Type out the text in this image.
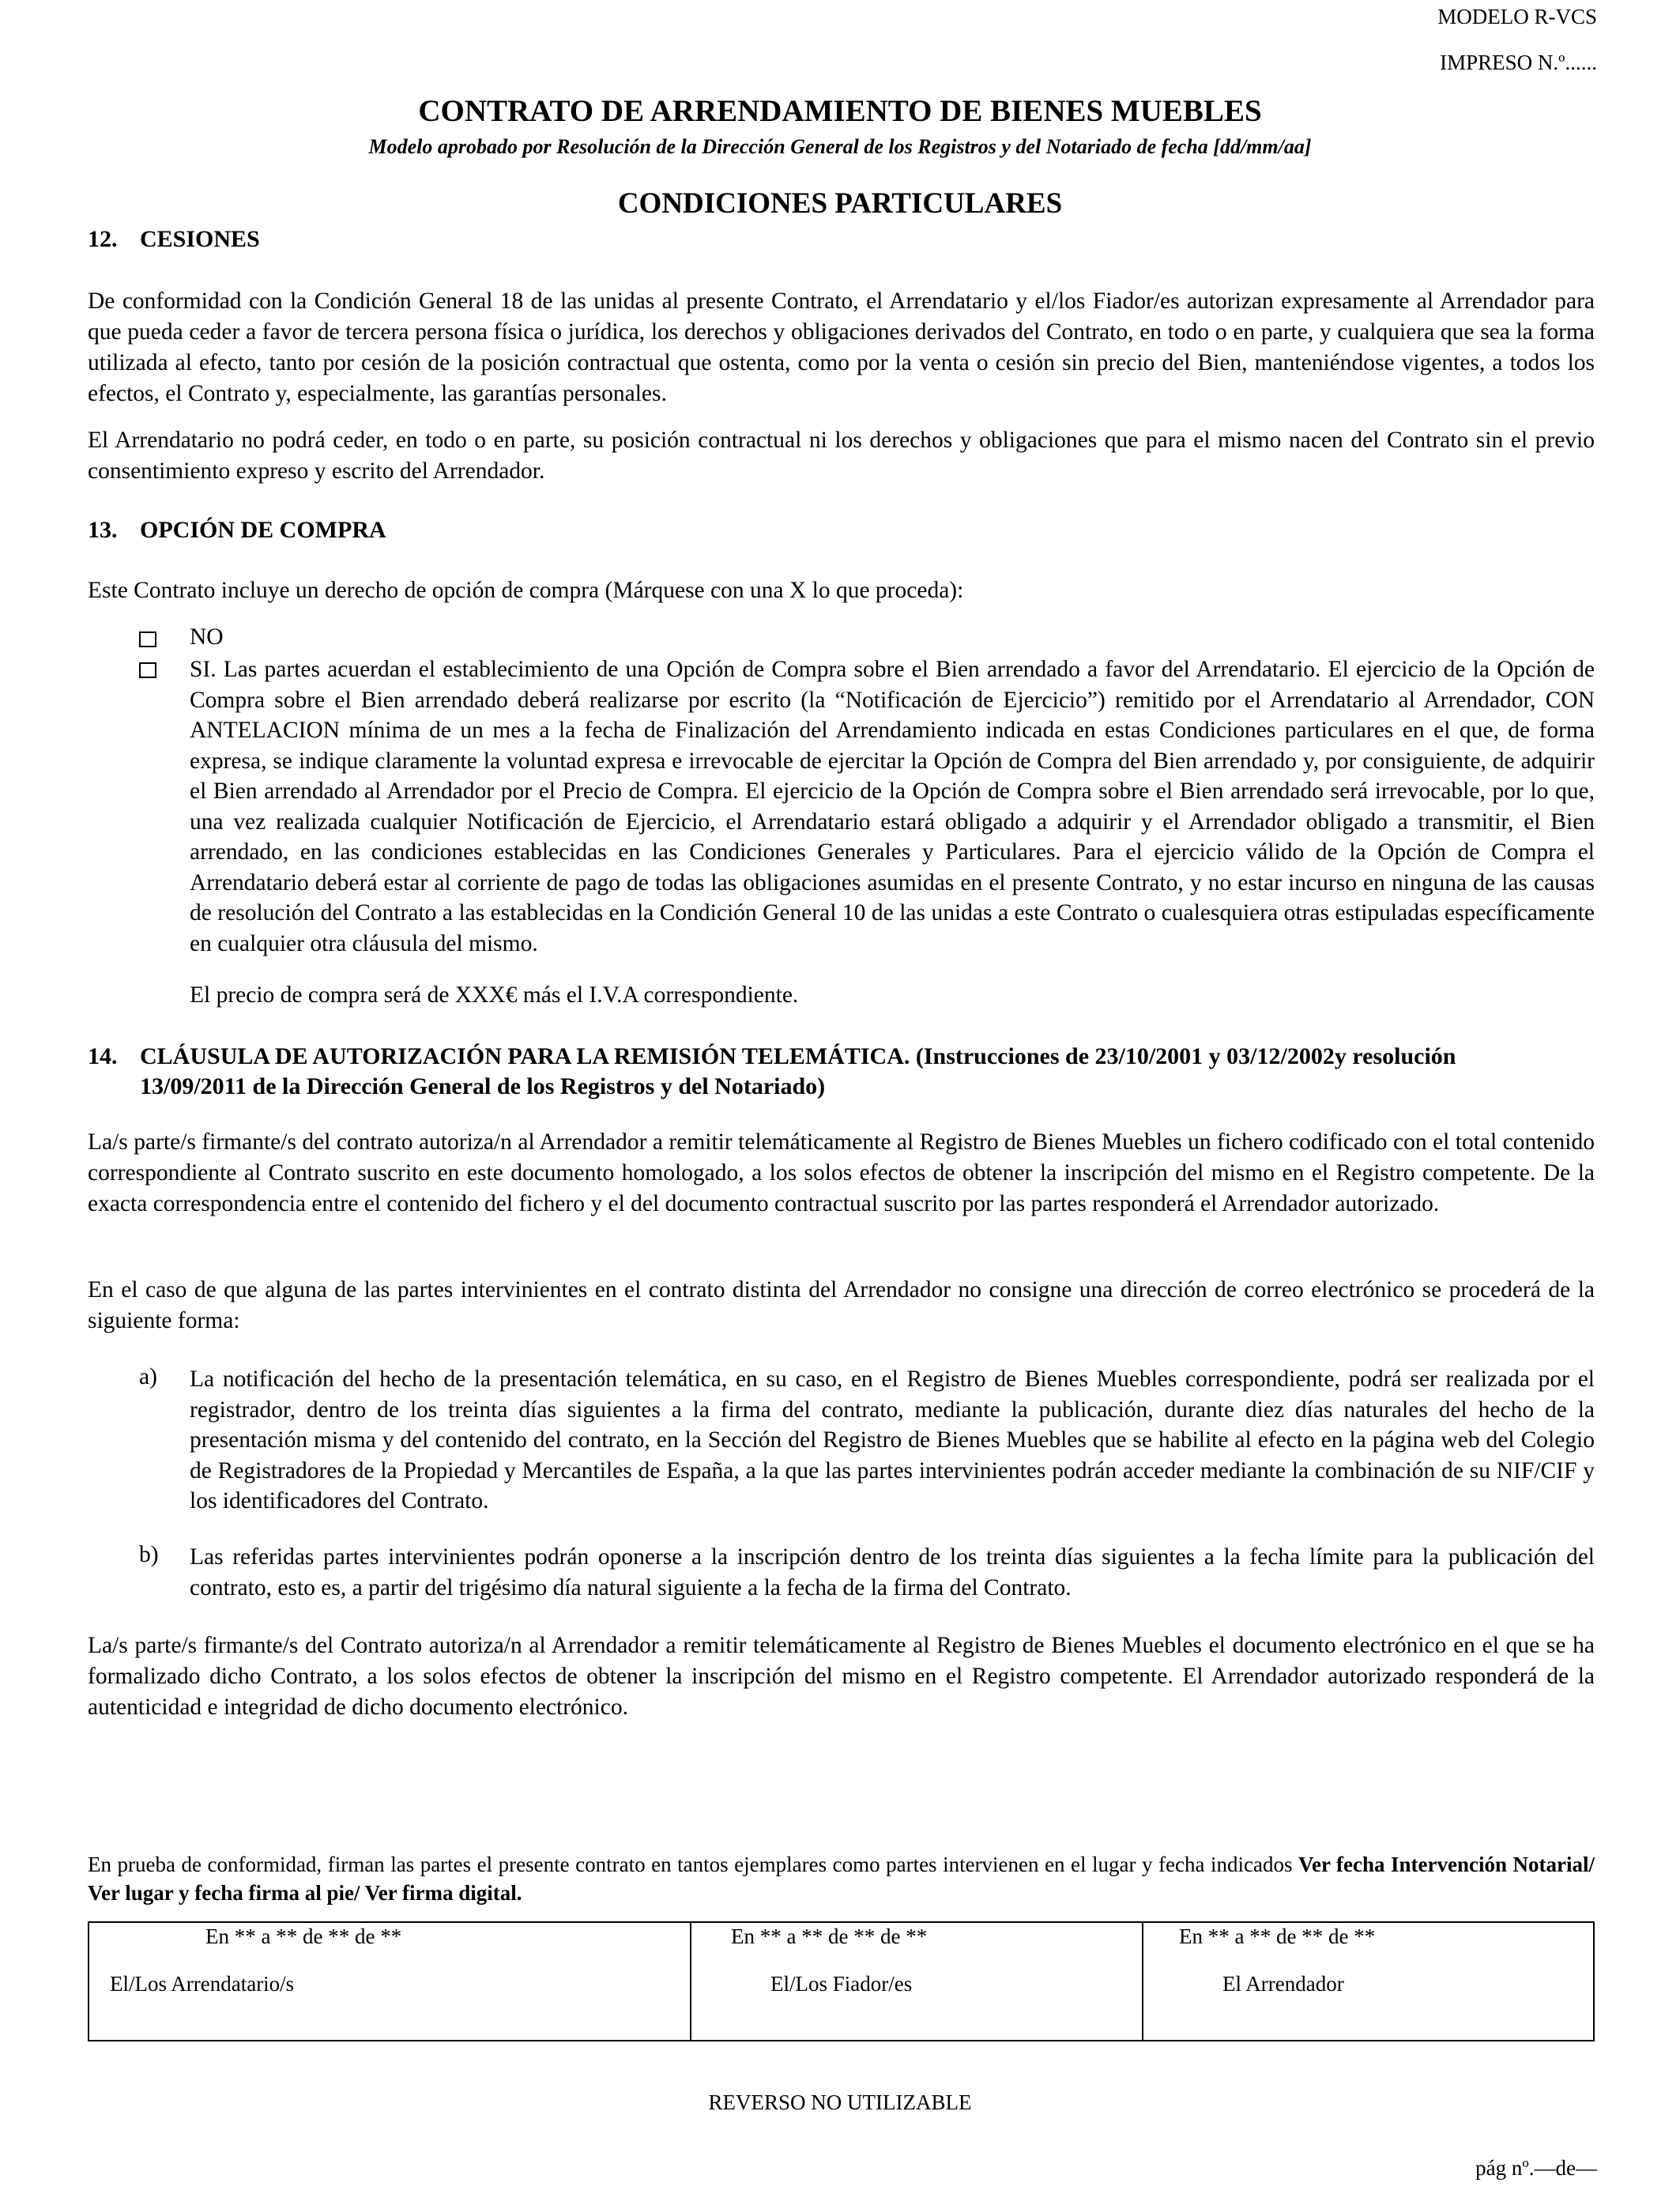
MODELO R-VCS
IMPRESO N.º......
CONTRATO DE ARRENDAMIENTO DE BIENES MUEBLES
Modelo aprobado por Resolución de la Dirección General de los Registros y del Notariado de fecha [dd/mm/aa]
CONDICIONES PARTICULARES
12. CESIONES
De conformidad con la Condición General 18 de las unidas al presente Contrato, el Arrendatario y el/los Fiador/es autorizan expresamente al Arrendador para que pueda ceder a favor de tercera persona física o jurídica, los derechos y obligaciones derivados del Contrato, en todo o en parte, y cualquiera que sea la forma utilizada al efecto, tanto por cesión de la posición contractual que ostenta, como por la venta o cesión sin precio del Bien, manteniéndose vigentes, a todos los efectos, el Contrato y, especialmente, las garantías personales.
El Arrendatario no podrá ceder, en todo o en parte, su posición contractual ni los derechos y obligaciones que para el mismo nacen del Contrato sin el previo consentimiento expreso y escrito del Arrendador.
13. OPCIÓN DE COMPRA
Este Contrato incluye un derecho de opción de compra (Márquese con una X lo que proceda):
NO
SI. Las partes acuerdan el establecimiento de una Opción de Compra sobre el Bien arrendado a favor del Arrendatario. El ejercicio de la Opción de Compra sobre el Bien arrendado deberá realizarse por escrito (la “Notificación de Ejercicio”) remitido por el Arrendatario al Arrendador, CON ANTELACION mínima de un mes a la fecha de Finalización del Arrendamiento indicada en estas Condiciones particulares en el que, de forma expresa, se indique claramente la voluntad expresa e irrevocable de ejercitar la Opción de Compra del Bien arrendado y, por consiguiente, de adquirir el Bien arrendado al Arrendador por el Precio de Compra. El ejercicio de la Opción de Compra sobre el Bien arrendado será irrevocable, por lo que, una vez realizada cualquier Notificación de Ejercicio, el Arrendatario estará obligado a adquirir y el Arrendador obligado a transmitir, el Bien arrendado, en las condiciones establecidas en las Condiciones Generales y Particulares. Para el ejercicio válido de la Opción de Compra el Arrendatario deberá estar al corriente de pago de todas las obligaciones asumidas en el presente Contrato, y no estar incurso en ninguna de las causas de resolución del Contrato a las establecidas en la Condición General 10 de las unidas a este Contrato o cualesquiera otras estipuladas específicamente en cualquier otra cláusula del mismo.
El precio de compra será de XXX€ más el I.V.A correspondiente.
14. CLÁUSULA DE AUTORIZACIÓN PARA LA REMISIÓN TELEMÁTICA. (Instrucciones de 23/10/2001 y 03/12/2002y resolución
13/09/2011 de la Dirección General de los Registros y del Notariado)
La/s parte/s firmante/s del contrato autoriza/n al Arrendador a remitir telemáticamente al Registro de Bienes Muebles un fichero codificado con el total contenido correspondiente al Contrato suscrito en este documento homologado, a los solos efectos de obtener la inscripción del mismo en el Registro competente. De la exacta correspondencia entre el contenido del fichero y el del documento contractual suscrito por las partes responderá el Arrendador autorizado.
En el caso de que alguna de las partes intervinientes en el contrato distinta del Arrendador no consigne una dirección de correo electrónico se procederá de la siguiente forma:
a) La notificación del hecho de la presentación telemática, en su caso, en el Registro de Bienes Muebles correspondiente, podrá ser realizada por el registrador, dentro de los treinta días siguientes a la firma del contrato, mediante la publicación, durante diez días naturales del hecho de la presentación misma y del contenido del contrato, en la Sección del Registro de Bienes Muebles que se habilite al efecto en la página web del Colegio de Registradores de la Propiedad y Mercantiles de España, a la que las partes intervinientes podrán acceder mediante la combinación de su NIF/CIF y los identificadores del Contrato.
b) Las referidas partes intervinientes podrán oponerse a la inscripción dentro de los treinta días siguientes a la fecha límite para la publicación del contrato, esto es, a partir del trigésimo día natural siguiente a la fecha de la firma del Contrato.
La/s parte/s firmante/s del Contrato autoriza/n al Arrendador a remitir telemáticamente al Registro de Bienes Muebles el documento electrónico en el que se ha formalizado dicho Contrato, a los solos efectos de obtener la inscripción del mismo en el Registro competente. El Arrendador autorizado responderá de la autenticidad e integridad de dicho documento electrónico.
En prueba de conformidad, firman las partes el presente contrato en tantos ejemplares como partes intervienen en el lugar y fecha indicados Ver fecha Intervención Notarial/ Ver lugar y fecha firma al pie/ Ver firma digital.
En ** a ** de ** de **
El/Los Arrendatario/s

En ** a ** de ** de **
El/Los Fiador/es

En ** a ** de ** de **
El Arrendador
REVERSO NO UTILIZABLE
pág nº.—de—
